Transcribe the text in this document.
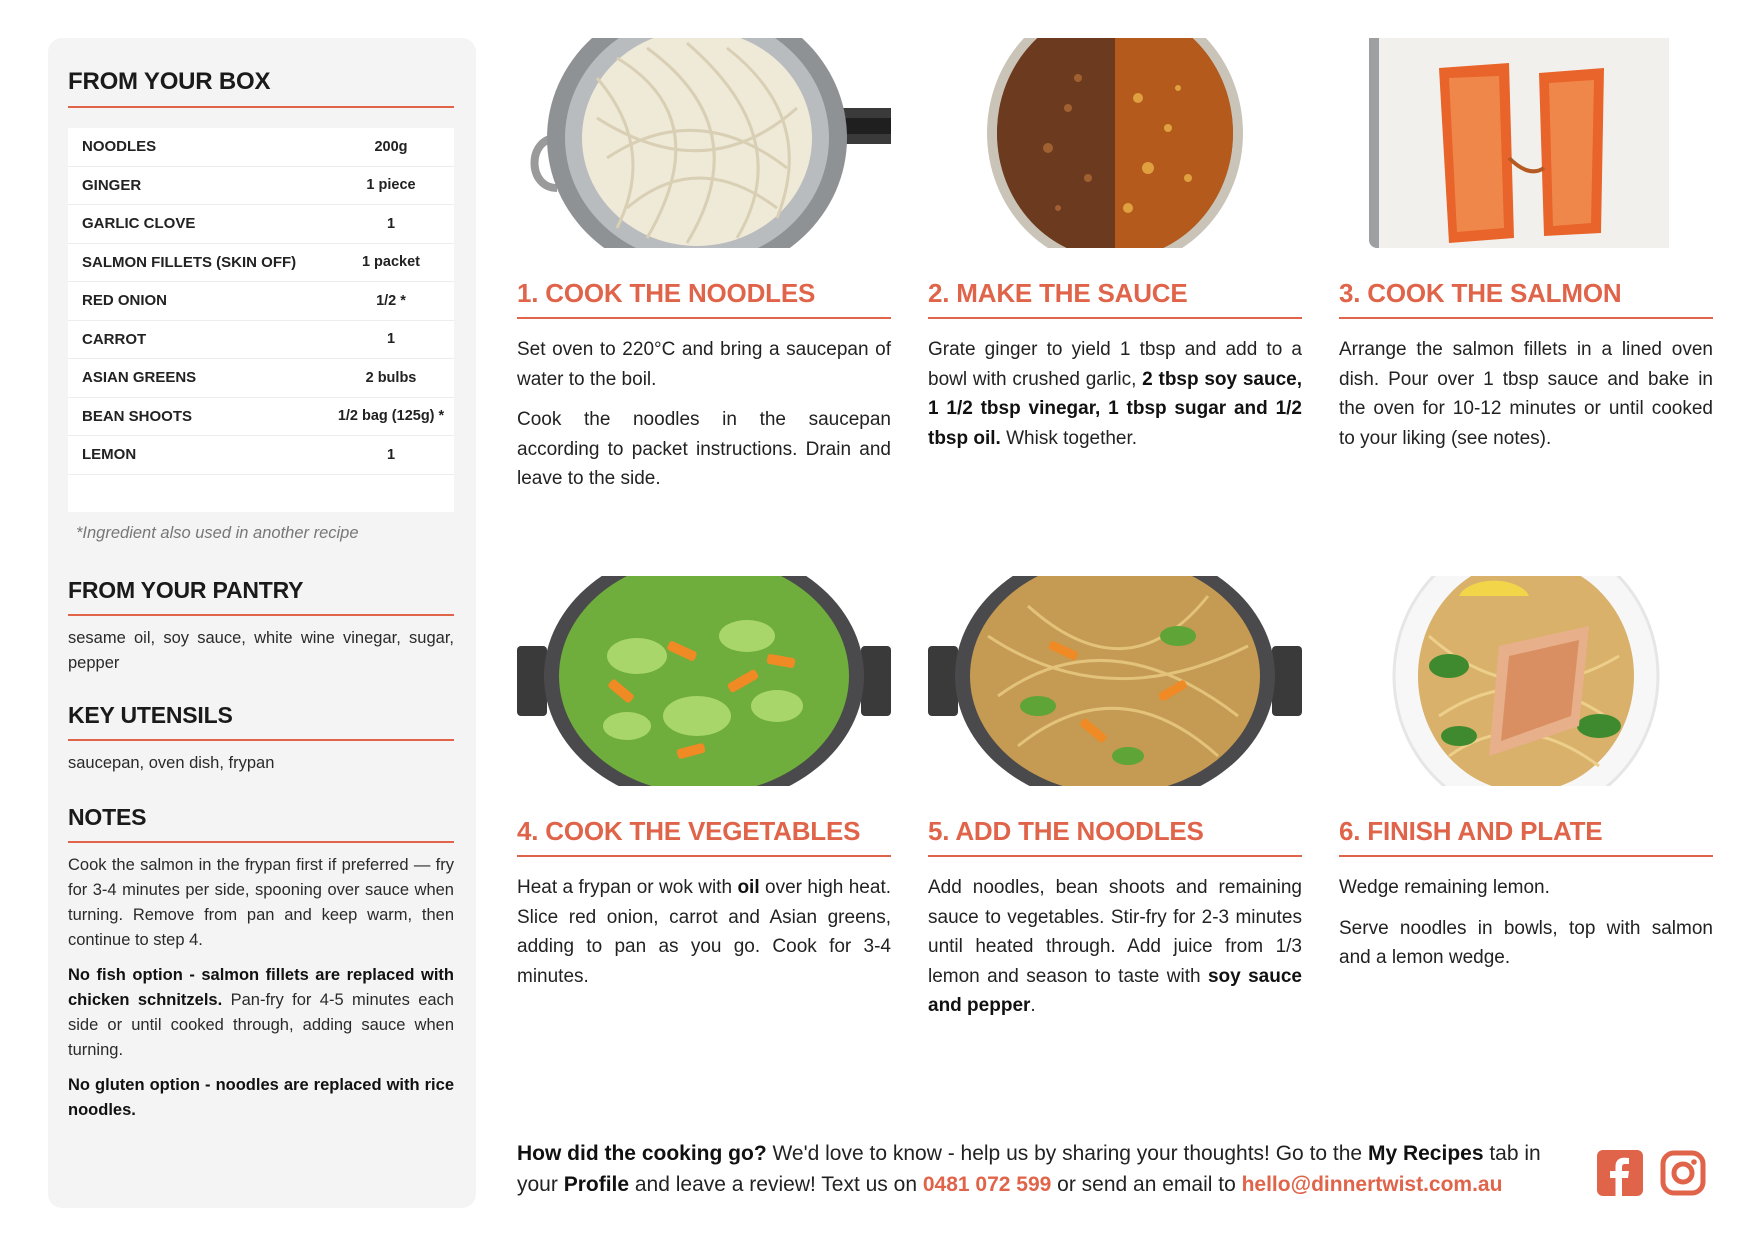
FROM YOUR BOX
NOODLES	200g
GINGER	1 piece
GARLIC CLOVE	1
SALMON FILLETS (SKIN OFF)	1 packet
RED ONION	1/2 *
CARROT	1
ASIAN GREENS	2 bulbs
BEAN SHOOTS	1/2 bag (125g) *
LEMON	1
*Ingredient also used in another recipe
FROM YOUR PANTRY
sesame oil, soy sauce, white wine vinegar, sugar, pepper
KEY UTENSILS
saucepan, oven dish, frypan
NOTES

Cook the salmon in the frypan first if preferred — fry for 3-4 minutes per side, spooning over sauce when turning. Remove from pan and keep warm, then continue to step 4.

No fish option - salmon fillets are replaced with chicken schnitzels. Pan-fry for 4-5 minutes each side or until cooked through, adding sauce when turning.

No gluten option - noodles are replaced with rice noodles.

1. COOK THE NOODLES

Set oven to 220°C and bring a saucepan of water to the boil.

Cook the noodles in the saucepan according to packet instructions. Drain and leave to the side.

2. MAKE THE SAUCE

Grate ginger to yield 1 tbsp and add to a bowl with crushed garlic, 2 tbsp soy sauce, 1 1/2 tbsp vinegar, 1 tbsp sugar and 1/2 tbsp oil. Whisk together.

3. COOK THE SALMON

Arrange the salmon fillets in a lined oven dish. Pour over 1 tbsp sauce and bake in the oven for 10-12 minutes or until cooked to your liking (see notes).

4. COOK THE VEGETABLES

Heat a frypan or wok with oil over high heat. Slice red onion, carrot and Asian greens, adding to pan as you go. Cook for 3-4 minutes.

5. ADD THE NOODLES

Add noodles, bean shoots and remaining sauce to vegetables. Stir-fry for 2-3 minutes until heated through. Add juice from 1/3 lemon and season to taste with soy sauce and pepper.

6. FINISH AND PLATE

Wedge remaining lemon.

Serve noodles in bowls, top with salmon and a lemon wedge.

How did the cooking go? We'd love to know - help us by sharing your thoughts! Go to the My Recipes tab in your Profile and leave a review! Text us on 0481 072 599 or send an email to hello@dinnertwist.com.au
